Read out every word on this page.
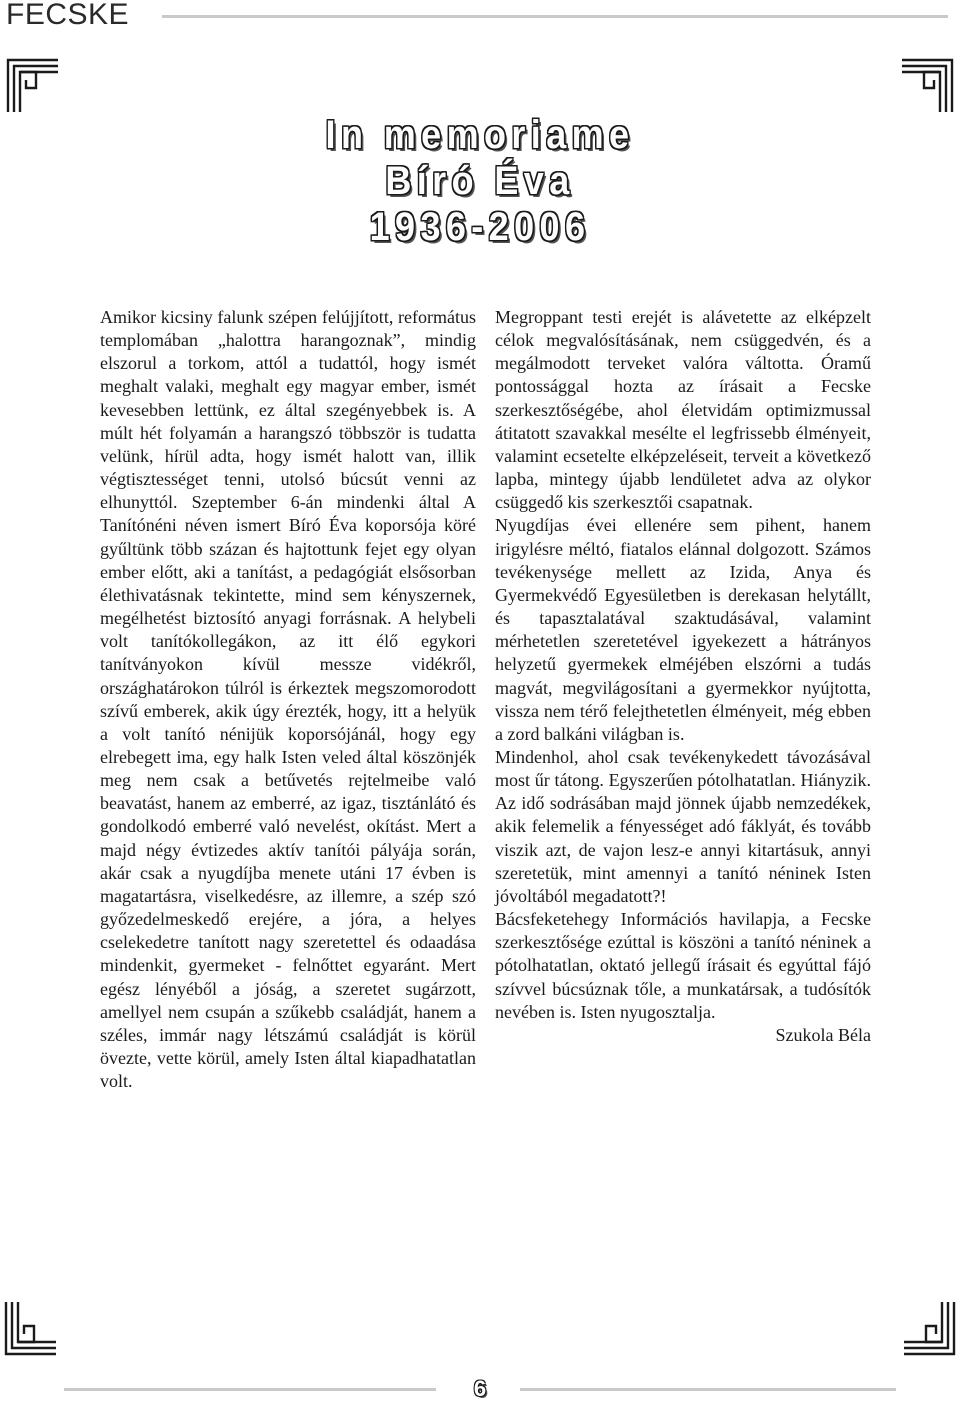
FECSKE
In memoriame
Bíró Éva
1936-2006

Amikor kicsiny falunk szépen felújjított, református templomában „halottra harangoznak”, mindig elszorul a torkom, attól a tudattól, hogy ismét meghalt valaki, meghalt egy magyar ember, ismét kevesebben lettünk, ez által szegényebbek is. A múlt hét folyamán a harangszó többször is tudatta velünk, hírül adta, hogy ismét halott van, illik végtisztességet tenni, utolsó búcsút venni az elhunyttól. Szeptember 6-án mindenki által A Tanítónéni néven ismert Bíró Éva koporsója köré gyűltünk több százan és hajtottunk fejet egy olyan ember előtt, aki a tanítást, a pedagógiát elsősorban élethivatásnak tekintette, mind sem kényszernek, megélhetést biztosító anyagi forrásnak. A helybeli volt tanítókollegákon, az itt élő egykori tanítványokon kívül messze vidékről, országhatárokon túlról is érkeztek megszomorodott szívű emberek, akik úgy érezték, hogy, itt a helyük a volt tanító nénijük koporsójánál, hogy egy elrebegett ima, egy halk Isten veled által köszönjék meg nem csak a betűvetés rejtelmeibe való beavatást, hanem az emberré, az igaz, tisztánlátó és gondolkodó emberré való nevelést, okítást. Mert a majd négy évtizedes aktív tanítói pályája során, akár csak a nyugdíjba menete utáni 17 évben is magatartásra, viselkedésre, az illemre, a szép szó győzedelmeskedő erejére, a jóra, a helyes cselekedetre tanított nagy szeretettel és odaadása mindenkit, gyermeket - felnőttet egyaránt. Mert egész lényéből a jóság, a szeretet sugárzott, amellyel nem csupán a szűkebb családját, hanem a széles, immár nagy létszámú családját is körül övezte, vette körül, amely Isten által kiapadhatatlan volt.

Megroppant testi erejét is alávetette az elképzelt célok megvalósításának, nem csüggedvén, és a megálmodott terveket valóra váltotta. Óramű pontossággal hozta az írásait a Fecske szerkesztőségébe, ahol életvidám optimizmussal átitatott szavakkal mesélte el legfrissebb élményeit, valamint ecsetelte elképzeléseit, terveit a következő lapba, mintegy újabb lendületet adva az olykor csüggedő kis szerkesztői csapatnak.

Nyugdíjas évei ellenére sem pihent, hanem irigylésre méltó, fiatalos elánnal dolgozott. Számos tevékenysége mellett az Izida, Anya és Gyermekvédő Egyesületben is derekasan helytállt, és tapasztalatával szaktudásával, valamint mérhetetlen szeretetével igyekezett a hátrányos helyzetű gyermekek elméjében elszórni a tudás magvát, megvilágosítani a gyermekkor nyújtotta, vissza nem térő felejthetetlen élményeit, még ebben a zord balkáni világban is.

Mindenhol, ahol csak tevékenykedett távozásával most űr tátong. Egyszerűen pótolhatatlan. Hiányzik. Az idő sodrásában majd jönnek újabb nemzedékek, akik felemelik a fényességet adó fáklyát, és tovább viszik azt, de vajon lesz-e annyi kitartásuk, annyi szeretetük, mint amennyi a tanító néninek Isten jóvoltából megadatott?!

Bácsfeketehegy Információs havilapja, a Fecske szerkesztősége ezúttal is köszöni a tanító néninek a pótolhatatlan, oktató jellegű írásait és egyúttal fájó szívvel búcsúznak tőle, a munkatársak, a tudósítók nevében is. Isten nyugosztalja.

Szukola Béla

6
